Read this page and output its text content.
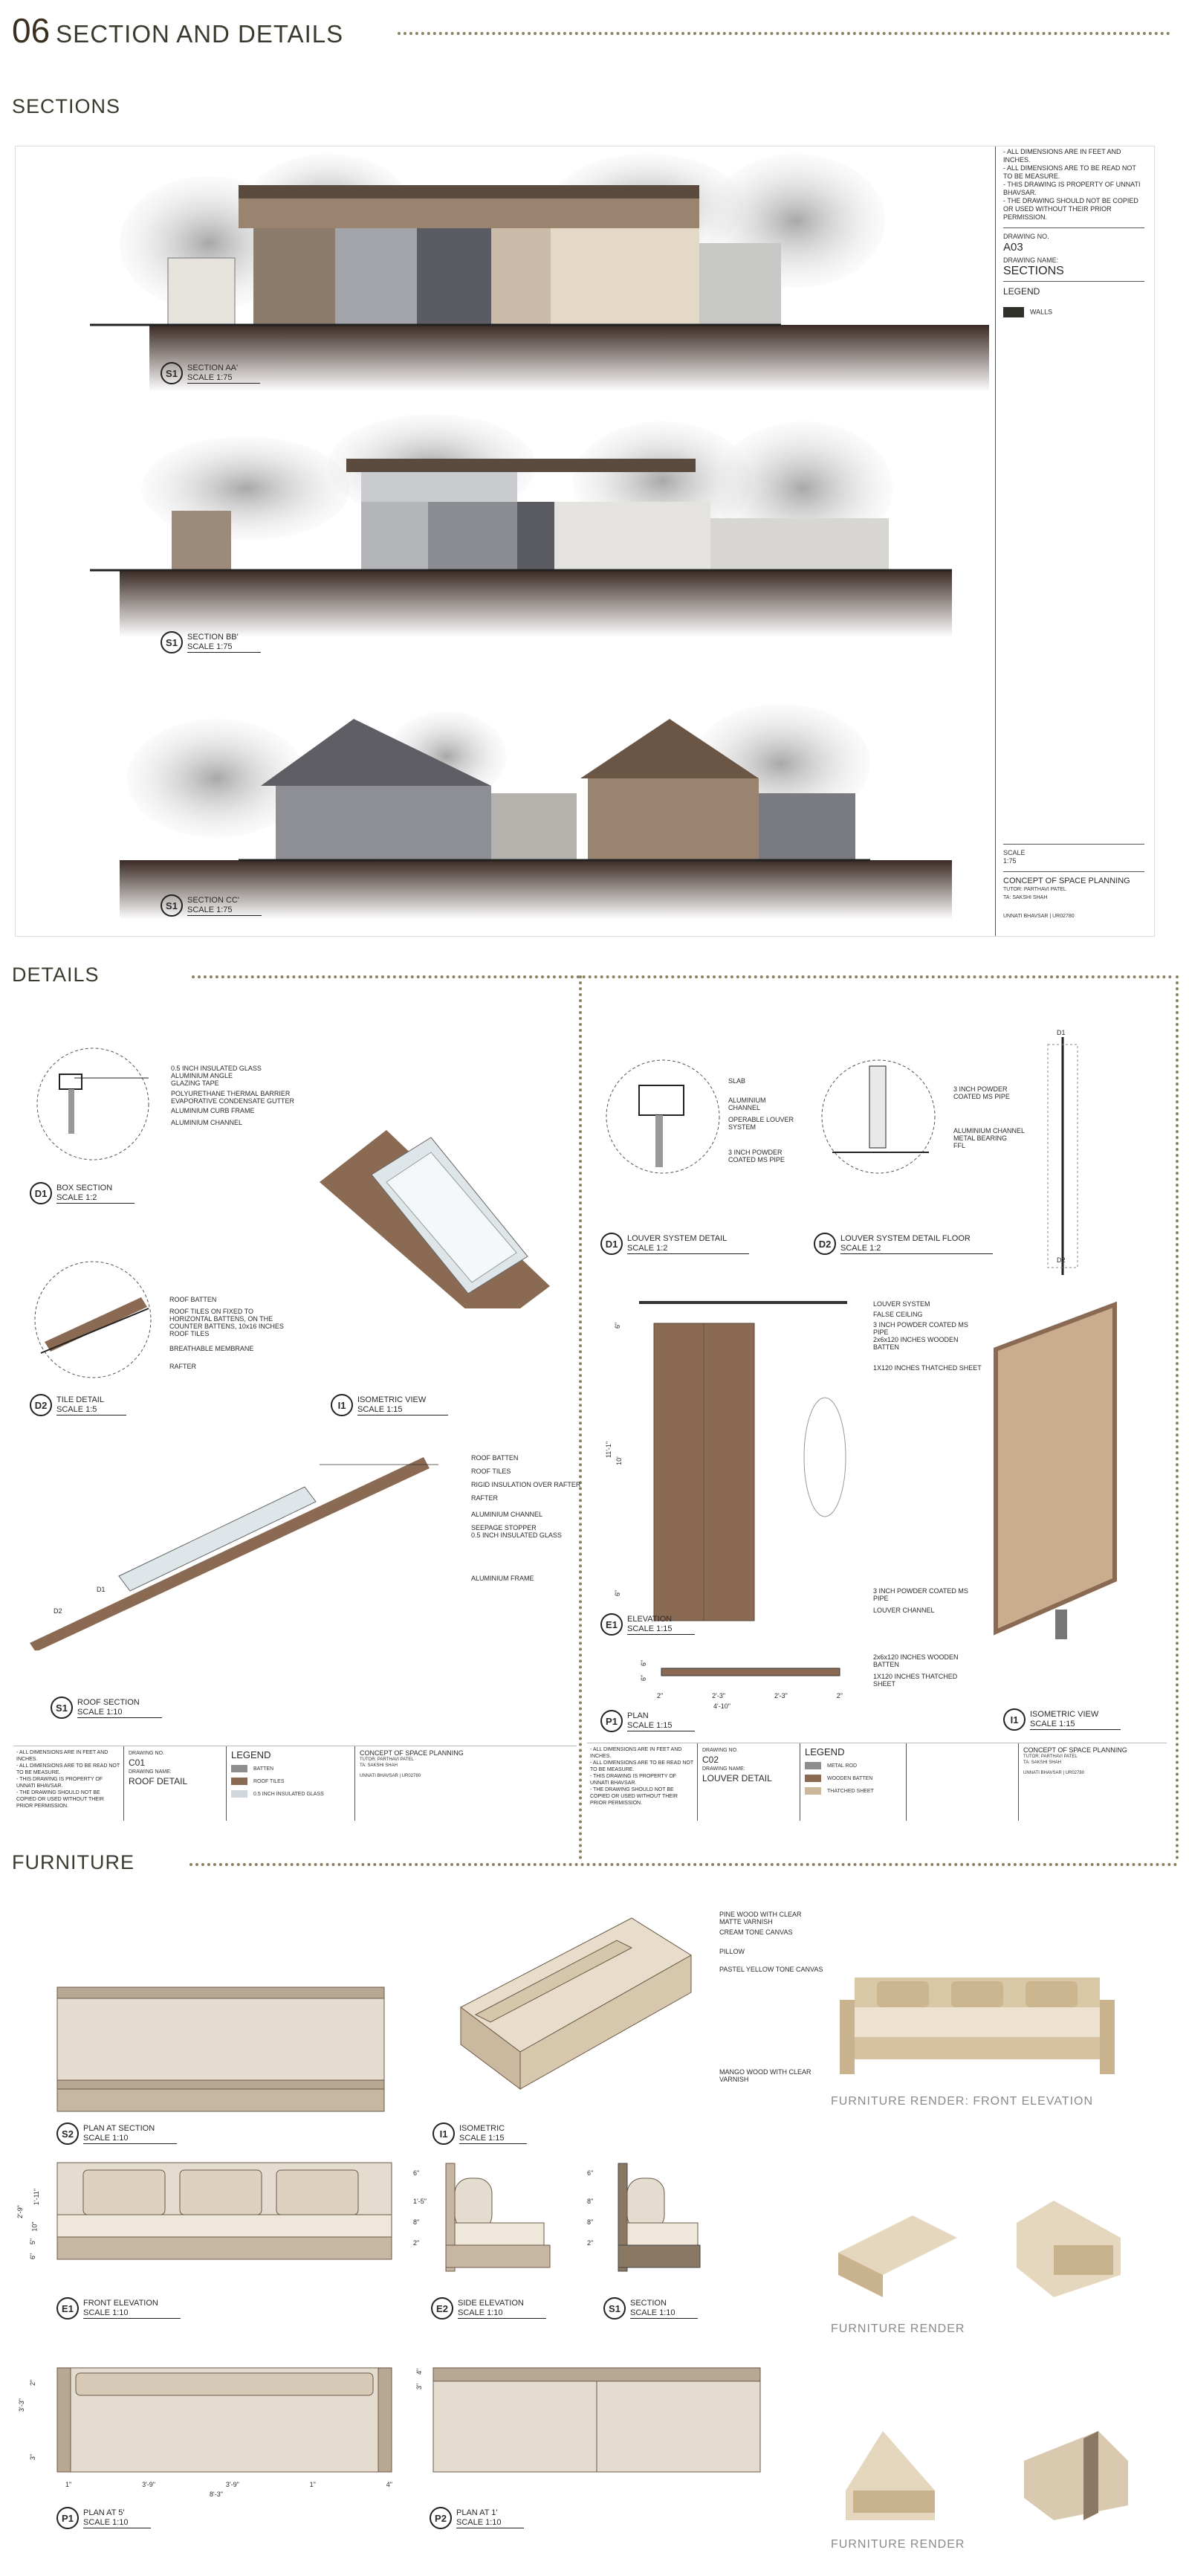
06 SECTION AND DETAILS
SECTIONS
S1	SECTION AA'
SCALE 1:75
S1	SECTION BB'
SCALE 1:75
S1	SECTION CC'
SCALE 1:75
- ALL DIMENSIONS ARE IN FEET AND INCHES.
- ALL DIMENSIONS ARE TO BE READ NOT TO BE MEASURE.
- THIS DRAWING IS PROPERTY OF UNNATI BHAVSAR.
- THE DRAWING SHOULD NOT BE COPIED OR USED WITHOUT THEIR PRIOR PERMISSION.
DRAWING NO.
A03
DRAWING NAME:
SECTIONS
LEGEND
WALLS
SCALE
1:75
CONCEPT OF SPACE PLANNING
TUTOR: PARTHAVI PATEL
TA: SAKSHI SHAH
UNNATI BHAVSAR | UR02780
DETAILS
0.5 INCH INSULATED GLASS
ALUMINIUM ANGLE GLAZING TAPE
POLYURETHANE THERMAL BARRIER
EVAPORATIVE CONDENSATE GUTTER
ALUMINIUM CURB FRAME
ALUMINIUM CHANNEL
D1	BOX SECTION
SCALE 1:2
I1	ISOMETRIC VIEW
SCALE 1:15
ROOF BATTEN
ROOF TILES ON FIXED TO HORIZONTAL BATTENS, ON THE COUNTER BATTENS, 10x16 INCHES ROOF TILES
BREATHABLE MEMBRANE
RAFTER
D2	TILE DETAIL
SCALE 1:5
D1
D2
ROOF BATTEN
ROOF TILES
RIGID INSULATION OVER RAFTER
RAFTER
ALUMINIUM CHANNEL
SEEPAGE STOPPER
0.5 INCH INSULATED GLASS
ALUMINIUM FRAME
S1	ROOF SECTION
SCALE 1:10
- ALL DIMENSIONS ARE IN FEET AND INCHES.
- ALL DIMENSIONS ARE TO BE READ NOT TO BE MEASURE.
- THIS DRAWING IS PROPERTY OF UNNATI BHAVSAR.
- THE DRAWING SHOULD NOT BE COPIED OR USED WITHOUT THEIR PRIOR PERMISSION.
DRAWING NO.
C01
DRAWING NAME:
ROOF DETAIL
LEGEND
BATTEN
ROOF TILES
0.5 INCH INSULATED GLASS
CONCEPT OF SPACE PLANNING
TUTOR: PARTHAVI PATEL
TA: SAKSHI SHAH
UNNATI BHAVSAR | UR02780
SLAB
ALUMINIUM CHANNEL
OPERABLE LOUVER SYSTEM
3 INCH POWDER COATED MS PIPE
D1	LOUVER SYSTEM DETAIL
SCALE 1:2
3 INCH POWDER COATED MS PIPE
ALUMINIUM CHANNEL METAL BEARING
FFL
D2	LOUVER SYSTEM DETAIL FLOOR
SCALE 1:2
D1
D2
LOUVER SYSTEM
FALSE CEILING
3 INCH POWDER COATED MS PIPE
2x6x120 INCHES WOODEN BATTEN
1X120 INCHES THATCHED SHEET
3 INCH POWDER COATED MS PIPE
LOUVER CHANNEL
11'-1"
10'
6"
6"
E1	ELEVATION
SCALE 1:15
2x6x120 INCHES WOODEN BATTEN
1X120 INCHES THATCHED SHEET
2"	2'-3"	2'-3"	2"
4'-10"
6"
6"
P1	PLAN
SCALE 1:15	I1	ISOMETRIC VIEW
SCALE 1:15
- ALL DIMENSIONS ARE IN FEET AND INCHES.
- ALL DIMENSIONS ARE TO BE READ NOT TO BE MEASURE.
- THIS DRAWING IS PROPERTY OF UNNATI BHAVSAR.
- THE DRAWING SHOULD NOT BE COPIED OR USED WITHOUT THEIR PRIOR PERMISSION.
DRAWING NO.
C02
DRAWING NAME:
LOUVER DETAIL
LEGEND
METAL ROD
WOODEN BATTEN
THATCHED SHEET
CONCEPT OF SPACE PLANNING
TUTOR: PARTHAVI PATEL
TA: SAKSHI SHAH
UNNATI BHAVSAR | UR02780
FURNITURE
S2	PLAN AT SECTION
SCALE 1:10
PINE WOOD WITH CLEAR MATTE VARNISH
CREAM TONE CANVAS
PILLOW
PASTEL YELLOW TONE CANVAS
MANGO WOOD WITH CLEAR VARNISH
I1	ISOMETRIC
SCALE 1:15
FURNITURE RENDER: FRONT ELEVATION
2'-9"
1'-11"
10"
5"
6"
E1	FRONT ELEVATION
SCALE 1:10
6"
1'-5"
8"
2"
E2	SIDE ELEVATION
SCALE 1:10
6"
8"
8"
2"
S1	SECTION
SCALE 1:10
FURNITURE RENDER
1"	3'-9"	3'-9"	1"	4"
8'-3"
3'-3"
2"
3"
P1	PLAN AT 5'
SCALE 1:10
4"
3"
P2	PLAN AT 1'
SCALE 1:10
FURNITURE RENDER
